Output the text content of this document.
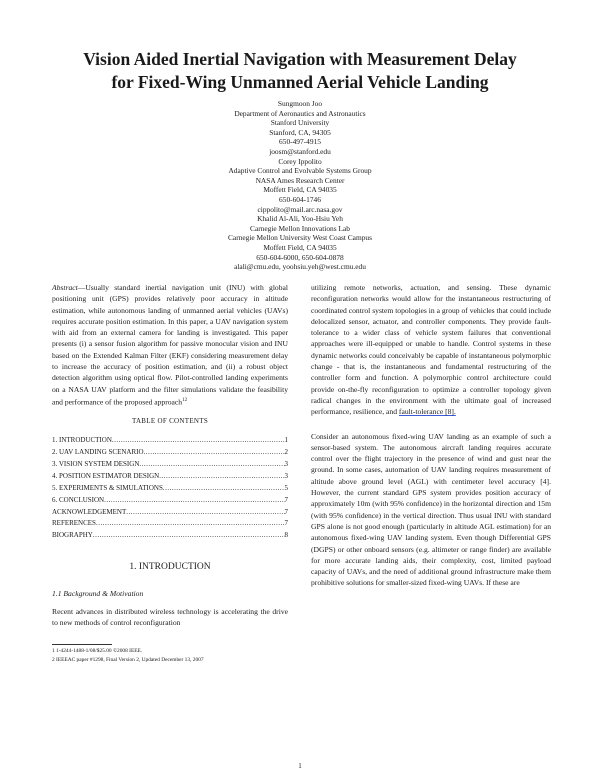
Vision Aided Inertial Navigation with Measurement Delay
for Fixed-Wing Unmanned Aerial Vehicle Landing
Sungmoon Joo
Department of Aeronautics and Astronautics
Stanford University
Stanford, CA, 94305
650-497-4915
joosm@stanford.edu
Corey Ippolito
Adaptive Control and Evolvable Systems Group
NASA Ames Research Center
Moffett Field, CA 94035
650-604-1746
cippolito@mail.arc.nasa.gov
Khalid Al-Ali, Yoo-Hsiu Yeh
Carnegie Mellon Innovations Lab
Carnegie Mellon University West Coast Campus
Moffett Field, CA 94035
650-604-6000, 650-604-0878
alali@cmu.edu, yoohsiu.yeh@west.cmu.edu

Abstract—Usually standard inertial navigation unit (INU) with global positioning unit (GPS) provides relatively poor accuracy in altitude estimation, while autonomous landing of unmanned aerial vehicles (UAVs) requires accurate position estimation. In this paper, a UAV navigation system with aid from an external camera for landing is investigated. This paper presents (i) a sensor fusion algorithm for passive monocular vision and INU based on the Extended Kalman Filter (EKF) considering measurement delay to increase the accuracy of position estimation, and (ii) a robust object detection algorithm using optical flow. Pilot-controlled landing experiments on a NASA UAV platform and the filter simulations validate the feasibility and performance of the proposed approach$^{12}$

TABLE OF CONTENTS
1. INTRODUCTION .....	1
2. UAV LANDING SCENARIO .....	2
3. VISION SYSTEM DESIGN .....	3
4. POSITION ESTIMATOR DESIGN .....	3
5. EXPERIMENTS & SIMULATIONS .....	5
6. CONCLUSION .....	7
ACKNOWLEDGEMENT .....	7
REFERENCES .....	7
BIOGRAPHY .....	8
1. INTRODUCTION
1.1 Background & Motivation

Recent advances in distributed wireless technology is accelerating the drive to new methods of control reconfiguration

1 1-4244-1488-1/08/$25.00 ©2008 IEEE.
2 IEEEAC paper #1298, Final Version 2, Updated December 13, 2007

utilizing remote networks, actuation, and sensing. These dynamic reconfiguration networks would allow for the instantaneous restructuring of coordinated control system topologies in a group of vehicles that could include delocalized sensor, actuator, and controller components. They provide fault-tolerance to a wider class of vehicle system failures that conventional approaches were ill-equipped or unable to handle. Control systems in these dynamic networks could conceivably be capable of instantaneous polymorphic change - that is, the instantaneous and fundamental restructuring of the controller form and function. A polymorphic control architecture could provide on-the-fly reconfiguration to optimize a controller topology given radical changes in the environment with the ultimate goal of increased performance, resilience, and fault-tolerance [8].

Consider an autonomous fixed-wing UAV landing as an example of such a sensor-based system. The autonomous aircraft landing requires accurate control over the flight trajectory in the presence of wind and gust near the ground. In some cases, automation of UAV landing requires measurement of altitude above ground level (AGL) with centimeter level accuracy [4]. However, the current standard GPS system provides position accuracy of approximately 10m (with 95% confidence) in the horizontal direction and 15m (with 95% confidence) in the vertical direction. Thus usual INU with standard GPS alone is not good enough (particularly in altitude AGL estimation) for an autonomous fixed-wing UAV landing system. Even though Differential GPS (DGPS) or other onboard sensors (e.g. altimeter or range finder) are available for more accurate landing aids, their complexity, cost, limited payload capacity of UAVs, and the need of additional ground infrastructure make them prohibitive solutions for smaller-sized fixed-wing UAVs. If these are

1
